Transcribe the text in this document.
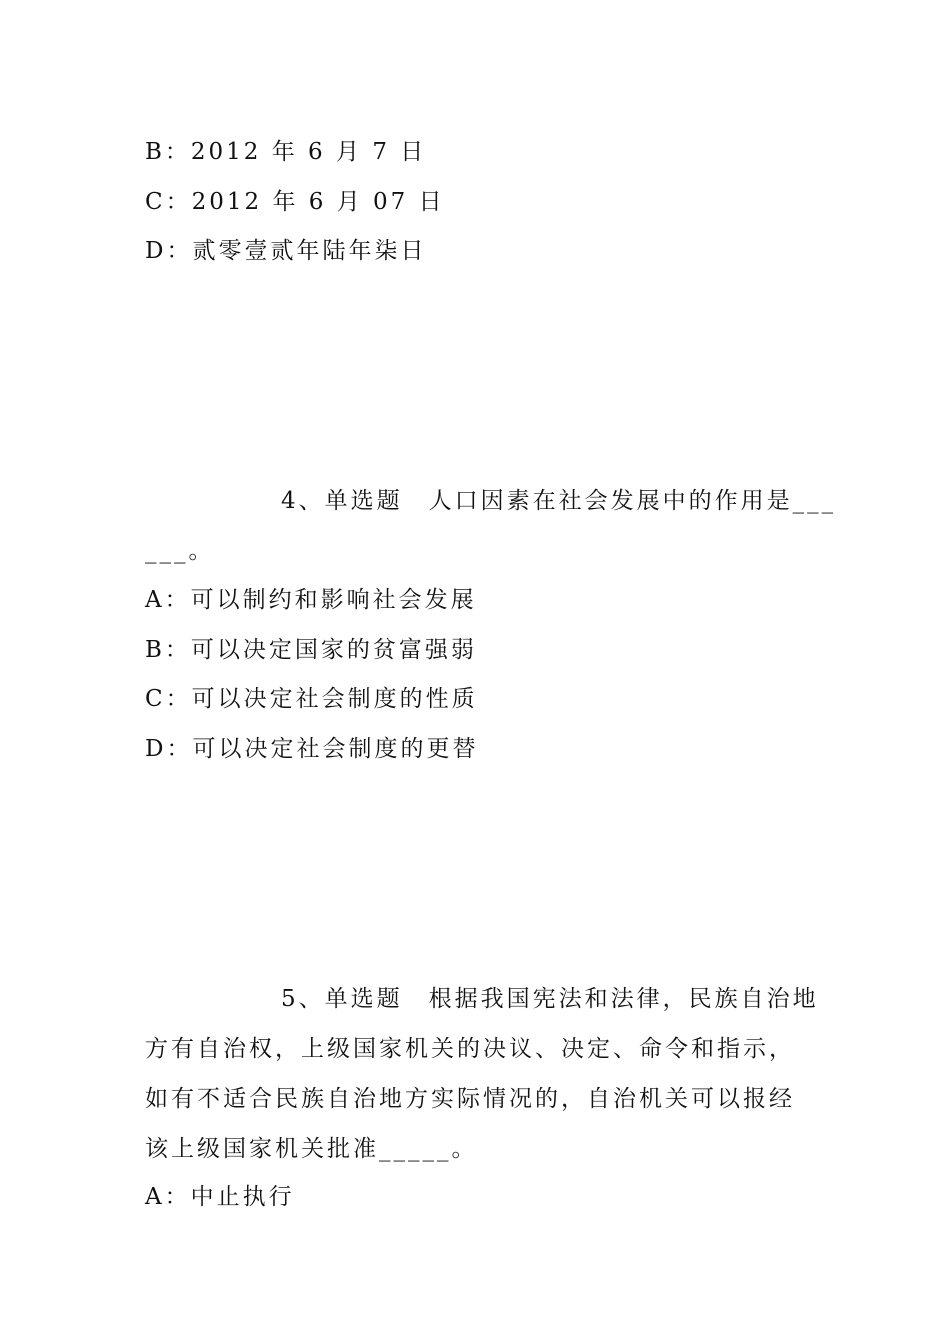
B：2012 年 6 月 7 日
C：2012 年 6 月 07 日
D：贰零壹贰年陆年柒日
4、单选题　人口因素在社会发展中的作用是___
___。
A：可以制约和影响社会发展
B：可以决定国家的贫富强弱
C：可以决定社会制度的性质
D：可以决定社会制度的更替
5、单选题　根据我国宪法和法律，民族自治地
方有自治权，上级国家机关的决议、决定、命令和指示，
如有不适合民族自治地方实际情况的，自治机关可以报经
该上级国家机关批准_____。
A：中止执行
